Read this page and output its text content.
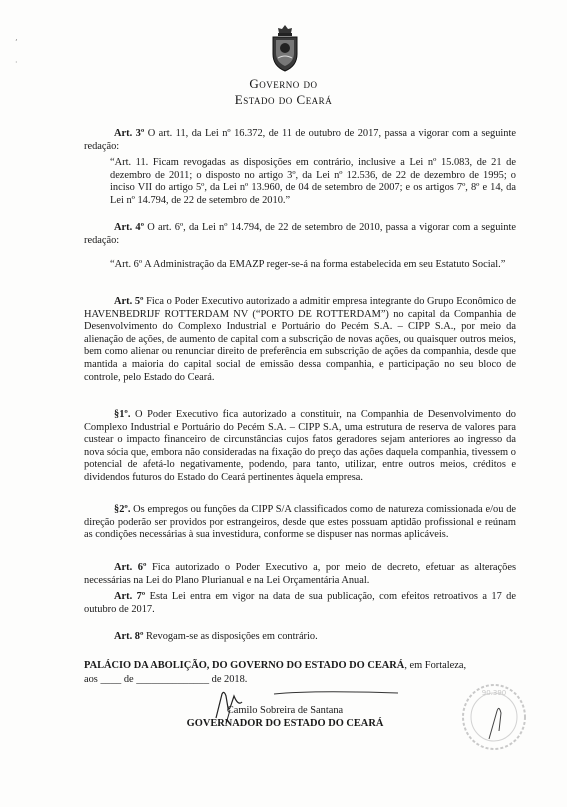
ʼ
·
Governo do
Estado do Ceará
Art. 3º O art. 11, da Lei nº 16.372, de 11 de outubro de 2017, passa a vigorar com a seguinte redação:
“Art. 11. Ficam revogadas as disposições em contrário, inclusive a Lei nº 15.083, de 21 de dezembro de 2011; o disposto no artigo 3º, da Lei nº 12.536, de 22 de dezembro de 1995; o inciso VII do artigo 5º, da Lei nº 13.960, de 04 de setembro de 2007; e os artigos 7º, 8º e 14, da Lei nº 14.794, de 22 de setembro de 2010.”
Art. 4º O art. 6º, da Lei nº 14.794, de 22 de setembro de 2010, passa a vigorar com a seguinte redação:
“Art. 6º A Administração da EMAZP reger-se-á na forma estabelecida em seu Estatuto Social.”
Art. 5º Fica o Poder Executivo autorizado a admitir empresa integrante do Grupo Econômico de HAVENBEDRIJF ROTTERDAM NV (“PORTO DE ROTTERDAM”) no capital da Companhia de Desenvolvimento do Complexo Industrial e Portuário do Pecém S.A. – CIPP S.A., por meio da alienação de ações, de aumento de capital com a subscrição de novas ações, ou quaisquer outros meios, bem como alienar ou renunciar direito de preferência em subscrição de ações da companhia, desde que mantida a maioria do capital social de emissão dessa companhia, e participação no seu bloco de controle, pelo Estado do Ceará.
§1º. O Poder Executivo fica autorizado a constituir, na Companhia de Desenvolvimento do Complexo Industrial e Portuário do Pecém S.A. – CIPP S.A, uma estrutura de reserva de valores para custear o impacto financeiro de circunstâncias cujos fatos geradores sejam anteriores ao ingresso da nova sócia que, embora não consideradas na fixação do preço das ações daquela companhia, tivessem o potencial de afetá-lo negativamente, podendo, para tanto, utilizar, entre outros meios, créditos e dividendos futuros do Estado do Ceará pertinentes àquela empresa.
§2º. Os empregos ou funções da CIPP S/A classificados como de natureza comissionada e/ou de direção poderão ser providos por estrangeiros, desde que estes possuam aptidão profissional e reúnam as condições necessárias à sua investidura, conforme se dispuser nas normas aplicáveis.
Art. 6º Fica autorizado o Poder Executivo a, por meio de decreto, efetuar as alterações necessárias na Lei do Plano Plurianual e na Lei Orçamentária Anual.
Art. 7º Esta Lei entra em vigor na data de sua publicação, com efeitos retroativos a 17 de outubro de 2017.
Art. 8º Revogam-se as disposições em contrário.
PALÁCIO DA ABOLIÇÃO, DO GOVERNO DO ESTADO DO CEARÁ, em Fortaleza,
aos ____ de ______________ de 2018.
Camilo Sobreira de Santana
GOVERNADOR DO ESTADO DO CEARÁ
90.390
